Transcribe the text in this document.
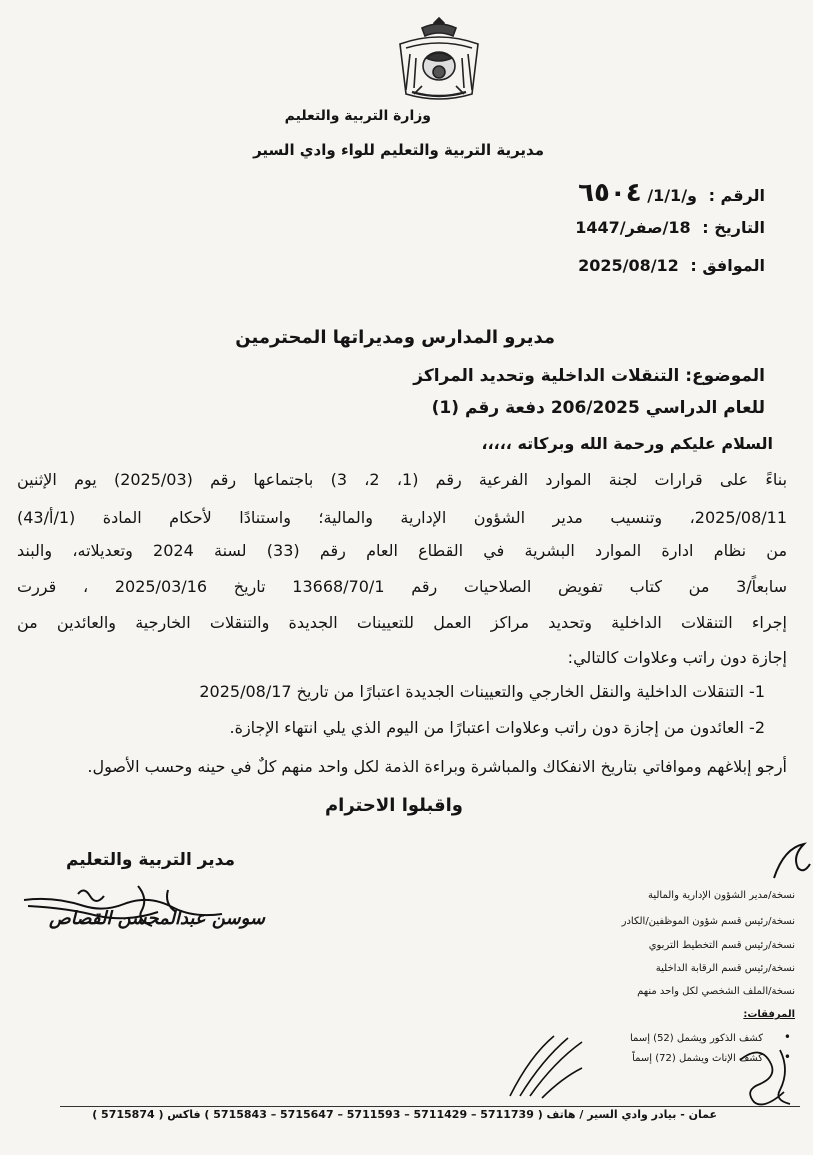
وزارة التربية والتعليم
مديرية التربية والتعليم للواء وادي السير
الرقم : و/1/1/ ٦٥٠٤
التاريخ : 18/صفر/1447
الموافق : 2025/08/12
مديرو المدارس ومديراتها المحترمين
الموضوع: التنقلات الداخلية وتحديد المراكز
للعام الدراسي 206/2025 دفعة رقم (1)
السلام عليكم ورحمة الله وبركاته ،،،،،
بناءً على قرارات لجنة الموارد الفرعية رقم (1، 2، 3) باجتماعها رقم (2025/03) يوم الإثنين
2025/08/11، وتنسيب مدير الشؤون الإدارية والمالية؛ واستنادًا لأحكام المادة (1/أ/43)
من نظام ادارة الموارد البشرية في القطاع العام رقم (33) لسنة 2024 وتعديلاته، والبند
سابعاً/3 من كتاب تفويض الصلاحيات رقم 13668/70/1 تاريخ 2025/03/16 ، قررت
إجراء التنقلات الداخلية وتحديد مراكز العمل للتعيينات الجديدة والتنقلات الخارجية والعائدين من
إجازة دون راتب وعلاوات كالتالي:
1- التنقلات الداخلية والنقل الخارجي والتعيينات الجديدة اعتبارًا من تاريخ 2025/08/17
2- العائدون من إجازة دون راتب وعلاوات اعتبارًا من اليوم الذي يلي انتهاء الإجازة.
أرجو إبلاغهم وموافاتي بتاريخ الانفكاك والمباشرة وبراءة الذمة لكل واحد منهم كلٌ في حينه وحسب الأصول.
واقبلوا الاحترام
مدير التربية والتعليم
سوسن عبدالمحسن القصاص
نسخة/مدير الشؤون الإدارية والمالية
نسخة/رئيس قسم شؤون الموظفين/الكادر
نسخة/رئيس قسم التخطيط التربوي
نسخة/رئيس قسم الرقابة الداخلية
نسخة/الملف الشخصي لكل واحد منهم
المرفقات:
•
كشف الذكور ويشمل (52) إسما
•
كشف الإناث ويشمل (72) إسماً
عمان - بيادر وادي السير / هاتف ( 5711739 – 5711429 – 5711593 – 5715647 – 5715843 ) فاكس ( 5715874 )
